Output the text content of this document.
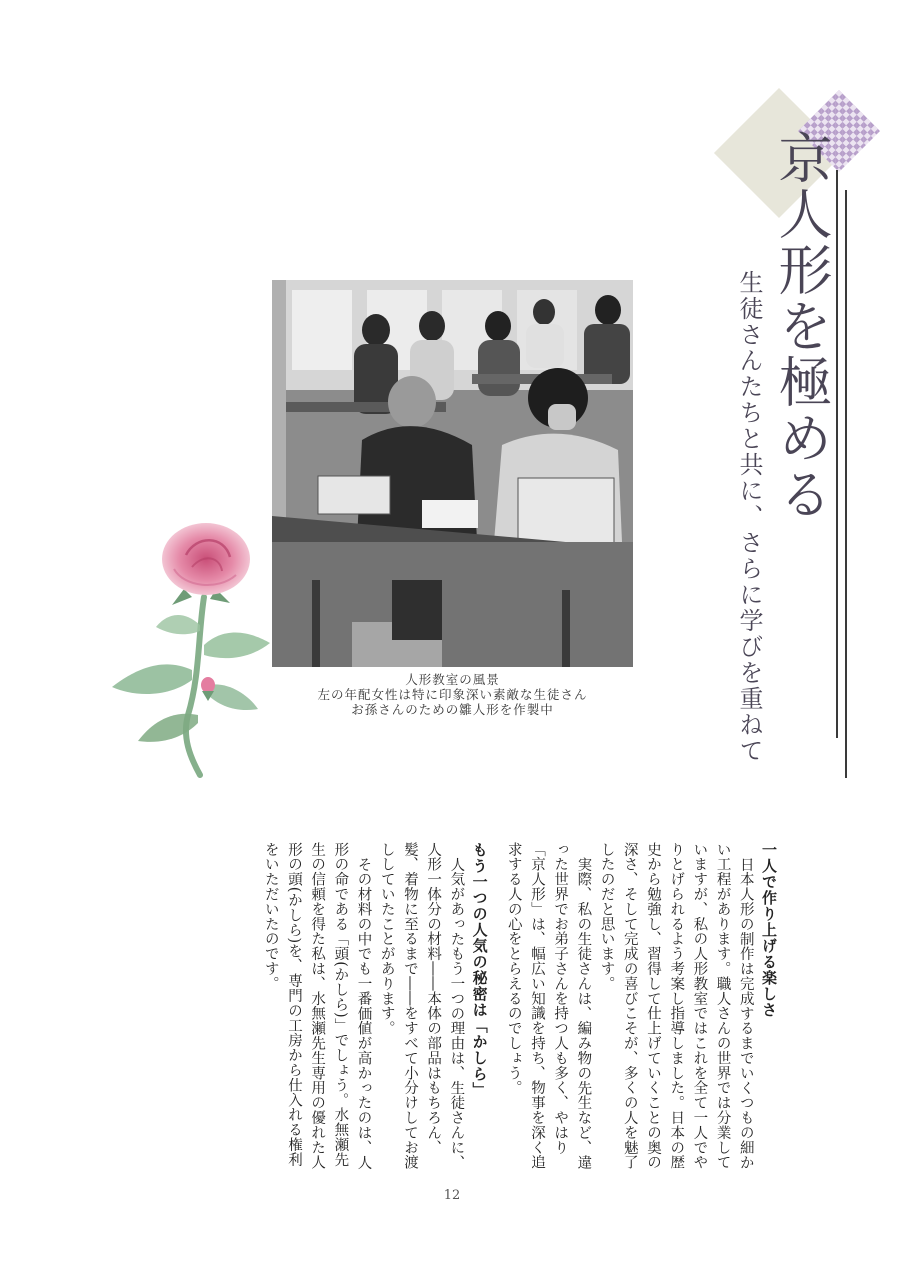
京人形を極める
生徒さんたちと共に、さらに学びを重ねて
人形教室の風景
左の年配女性は特に印象深い素敵な生徒さん
お孫さんのための雛人形を作製中
一人で作り上げる楽しさ

日本人形の制作は完成するまでいくつもの細かい工程があります。職人さんの世界では分業していますが、私の人形教室ではこれを全て一人でやりとげられるよう考案し指導しました。日本の歴史から勉強し、習得して仕上げていくことの奥の深さ、そして完成の喜びこそが、多くの人を魅了したのだと思います。

実際、私の生徒さんは、編み物の先生など、違った世界でお弟子さんを持つ人も多く、やはり「京人形」は、幅広い知識を持ち、物事を深く追求する人の心をとらえるのでしょう。

もう一つの人気の秘密は「かしら」

人気があったもう一つの理由は、生徒さんに、人形一体分の材料――本体の部品はもちろん、髪、着物に至るまで――をすべて小分けしてお渡ししていたことがあります。

その材料の中でも一番価値が高かったのは、人形の命である「頭(かしら)」でしょう。水無瀬先生の信頼を得た私は、水無瀬先生専用の優れた人形の頭(かしら)を、専門の工房から仕入れる権利をいただいたのです。

12
